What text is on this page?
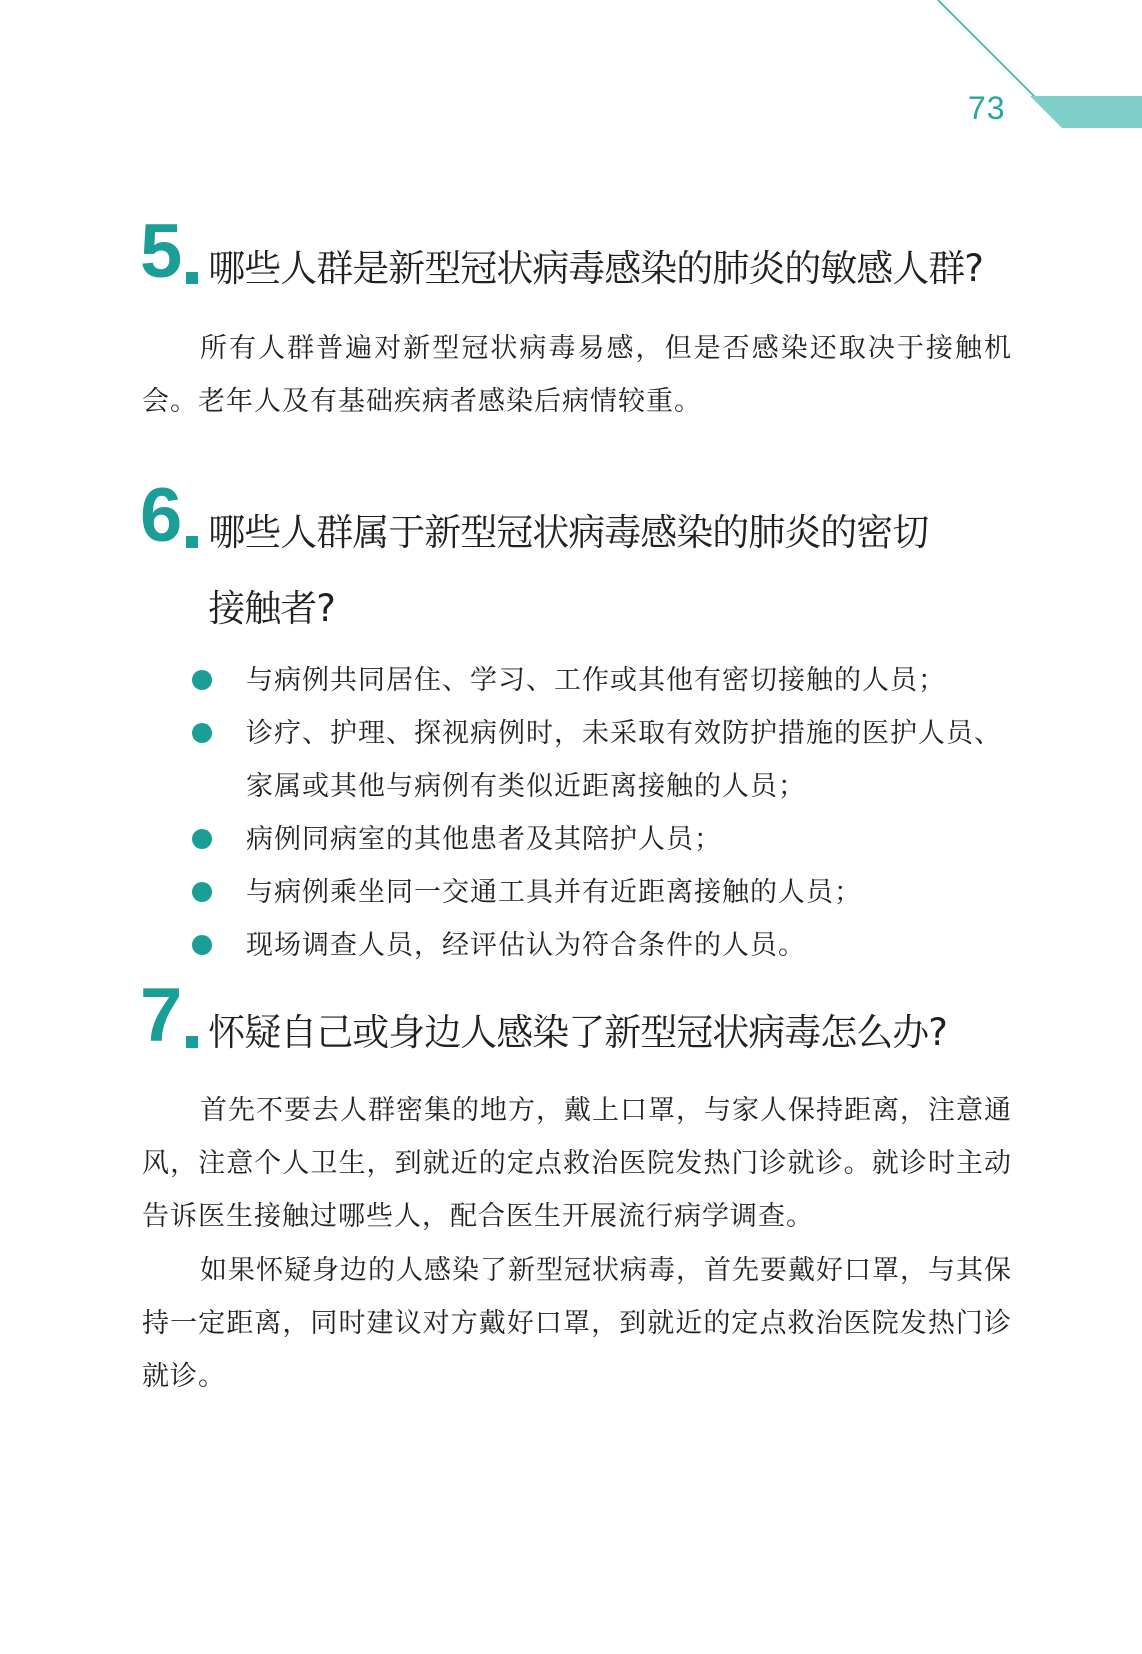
73
5 哪些人群是新型冠状病毒感染的肺炎的敏感人群?

所有人群普遍对新型冠状病毒易感，但是否感染还取决于接触机会。老年人及有基础疾病者感染后病情较重。

6 哪些人群属于新型冠状病毒感染的肺炎的密切
接触者?
与病例共同居住、学习、工作或其他有密切接触的人员；
诊疗、护理、探视病例时，未采取有效防护措施的医护人员、家属或其他与病例有类似近距离接触的人员；
病例同病室的其他患者及其陪护人员；
与病例乘坐同一交通工具并有近距离接触的人员；
现场调查人员，经评估认为符合条件的人员。
7 怀疑自己或身边人感染了新型冠状病毒怎么办?

首先不要去人群密集的地方，戴上口罩，与家人保持距离，注意通风，注意个人卫生，到就近的定点救治医院发热门诊就诊。就诊时主动告诉医生接触过哪些人，配合医生开展流行病学调查。

如果怀疑身边的人感染了新型冠状病毒，首先要戴好口罩，与其保持一定距离，同时建议对方戴好口罩，到就近的定点救治医院发热门诊就诊。
